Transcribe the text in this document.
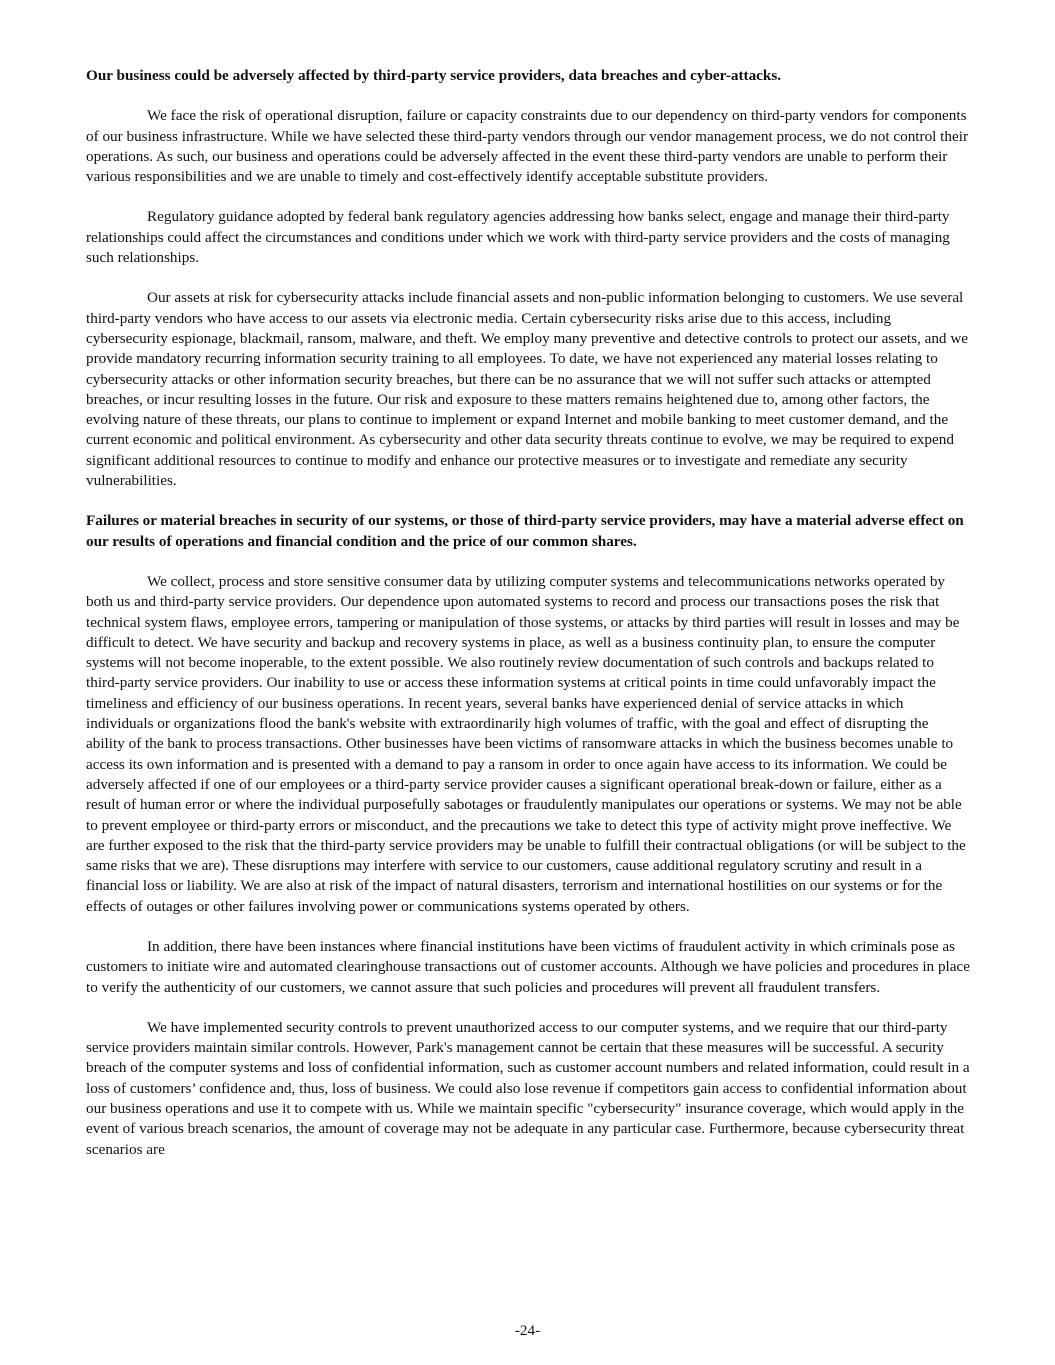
Our business could be adversely affected by third-party service providers, data breaches and cyber-attacks.

We face the risk of operational disruption, failure or capacity constraints due to our dependency on third-party vendors for components of our business infrastructure. While we have selected these third-party vendors through our vendor management process, we do not control their operations. As such, our business and operations could be adversely affected in the event these third-party vendors are unable to perform their various responsibilities and we are unable to timely and cost-effectively identify acceptable substitute providers.

Regulatory guidance adopted by federal bank regulatory agencies addressing how banks select, engage and manage their third-party relationships could affect the circumstances and conditions under which we work with third-party service providers and the costs of managing such relationships.

Our assets at risk for cybersecurity attacks include financial assets and non-public information belonging to customers. We use several third-party vendors who have access to our assets via electronic media. Certain cybersecurity risks arise due to this access, including cybersecurity espionage, blackmail, ransom, malware, and theft. We employ many preventive and detective controls to protect our assets, and we provide mandatory recurring information security training to all employees. To date, we have not experienced any material losses relating to cybersecurity attacks or other information security breaches, but there can be no assurance that we will not suffer such attacks or attempted breaches, or incur resulting losses in the future. Our risk and exposure to these matters remains heightened due to, among other factors, the evolving nature of these threats, our plans to continue to implement or expand Internet and mobile banking to meet customer demand, and the current economic and political environment. As cybersecurity and other data security threats continue to evolve, we may be required to expend significant additional resources to continue to modify and enhance our protective measures or to investigate and remediate any security vulnerabilities.

Failures or material breaches in security of our systems, or those of third-party service providers, may have a material adverse effect on our results of operations and financial condition and the price of our common shares.

We collect, process and store sensitive consumer data by utilizing computer systems and telecommunications networks operated by both us and third-party service providers. Our dependence upon automated systems to record and process our transactions poses the risk that technical system flaws, employee errors, tampering or manipulation of those systems, or attacks by third parties will result in losses and may be difficult to detect. We have security and backup and recovery systems in place, as well as a business continuity plan, to ensure the computer systems will not become inoperable, to the extent possible. We also routinely review documentation of such controls and backups related to third-party service providers. Our inability to use or access these information systems at critical points in time could unfavorably impact the timeliness and efficiency of our business operations. In recent years, several banks have experienced denial of service attacks in which individuals or organizations flood the bank's website with extraordinarily high volumes of traffic, with the goal and effect of disrupting the ability of the bank to process transactions. Other businesses have been victims of ransomware attacks in which the business becomes unable to access its own information and is presented with a demand to pay a ransom in order to once again have access to its information. We could be adversely affected if one of our employees or a third-party service provider causes a significant operational break-down or failure, either as a result of human error or where the individual purposefully sabotages or fraudulently manipulates our operations or systems. We may not be able to prevent employee or third-party errors or misconduct, and the precautions we take to detect this type of activity might prove ineffective. We are further exposed to the risk that the third-party service providers may be unable to fulfill their contractual obligations (or will be subject to the same risks that we are). These disruptions may interfere with service to our customers, cause additional regulatory scrutiny and result in a financial loss or liability. We are also at risk of the impact of natural disasters, terrorism and international hostilities on our systems or for the effects of outages or other failures involving power or communications systems operated by others.

In addition, there have been instances where financial institutions have been victims of fraudulent activity in which criminals pose as customers to initiate wire and automated clearinghouse transactions out of customer accounts. Although we have policies and procedures in place to verify the authenticity of our customers, we cannot assure that such policies and procedures will prevent all fraudulent transfers.

We have implemented security controls to prevent unauthorized access to our computer systems, and we require that our third-party service providers maintain similar controls. However, Park's management cannot be certain that these measures will be successful. A security breach of the computer systems and loss of confidential information, such as customer account numbers and related information, could result in a loss of customers’ confidence and, thus, loss of business. We could also lose revenue if competitors gain access to confidential information about our business operations and use it to compete with us. While we maintain specific "cybersecurity" insurance coverage, which would apply in the event of various breach scenarios, the amount of coverage may not be adequate in any particular case. Furthermore, because cybersecurity threat scenarios are

-24-
